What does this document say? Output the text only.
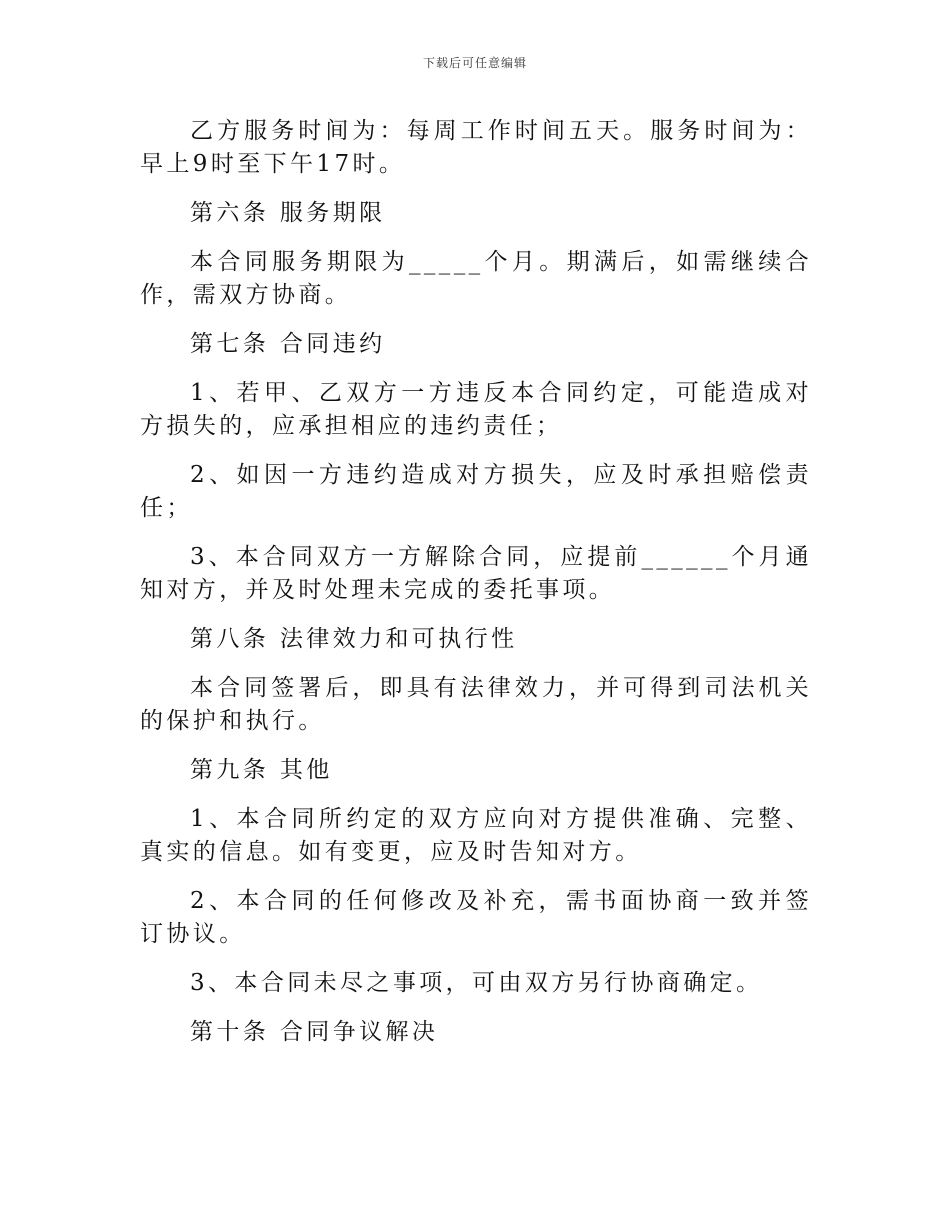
下载后可任意编辑

乙方服务时间为：每周工作时间五天。服务时间为：早上9时至下午17时。

第六条 服务期限

本合同服务期限为_____个月。期满后，如需继续合作，需双方协商。

第七条 合同违约

1、若甲、乙双方一方违反本合同约定，可能造成对方损失的，应承担相应的违约责任；

2、如因一方违约造成对方损失，应及时承担赔偿责任；

3、本合同双方一方解除合同，应提前______个月通知对方，并及时处理未完成的委托事项。

第八条 法律效力和可执行性

本合同签署后，即具有法律效力，并可得到司法机关的保护和执行。

第九条 其他

1、本合同所约定的双方应向对方提供准确、完整、真实的信息。如有变更，应及时告知对方。

2、本合同的任何修改及补充，需书面协商一致并签订协议。

3、本合同未尽之事项，可由双方另行协商确定。

第十条 合同争议解决
